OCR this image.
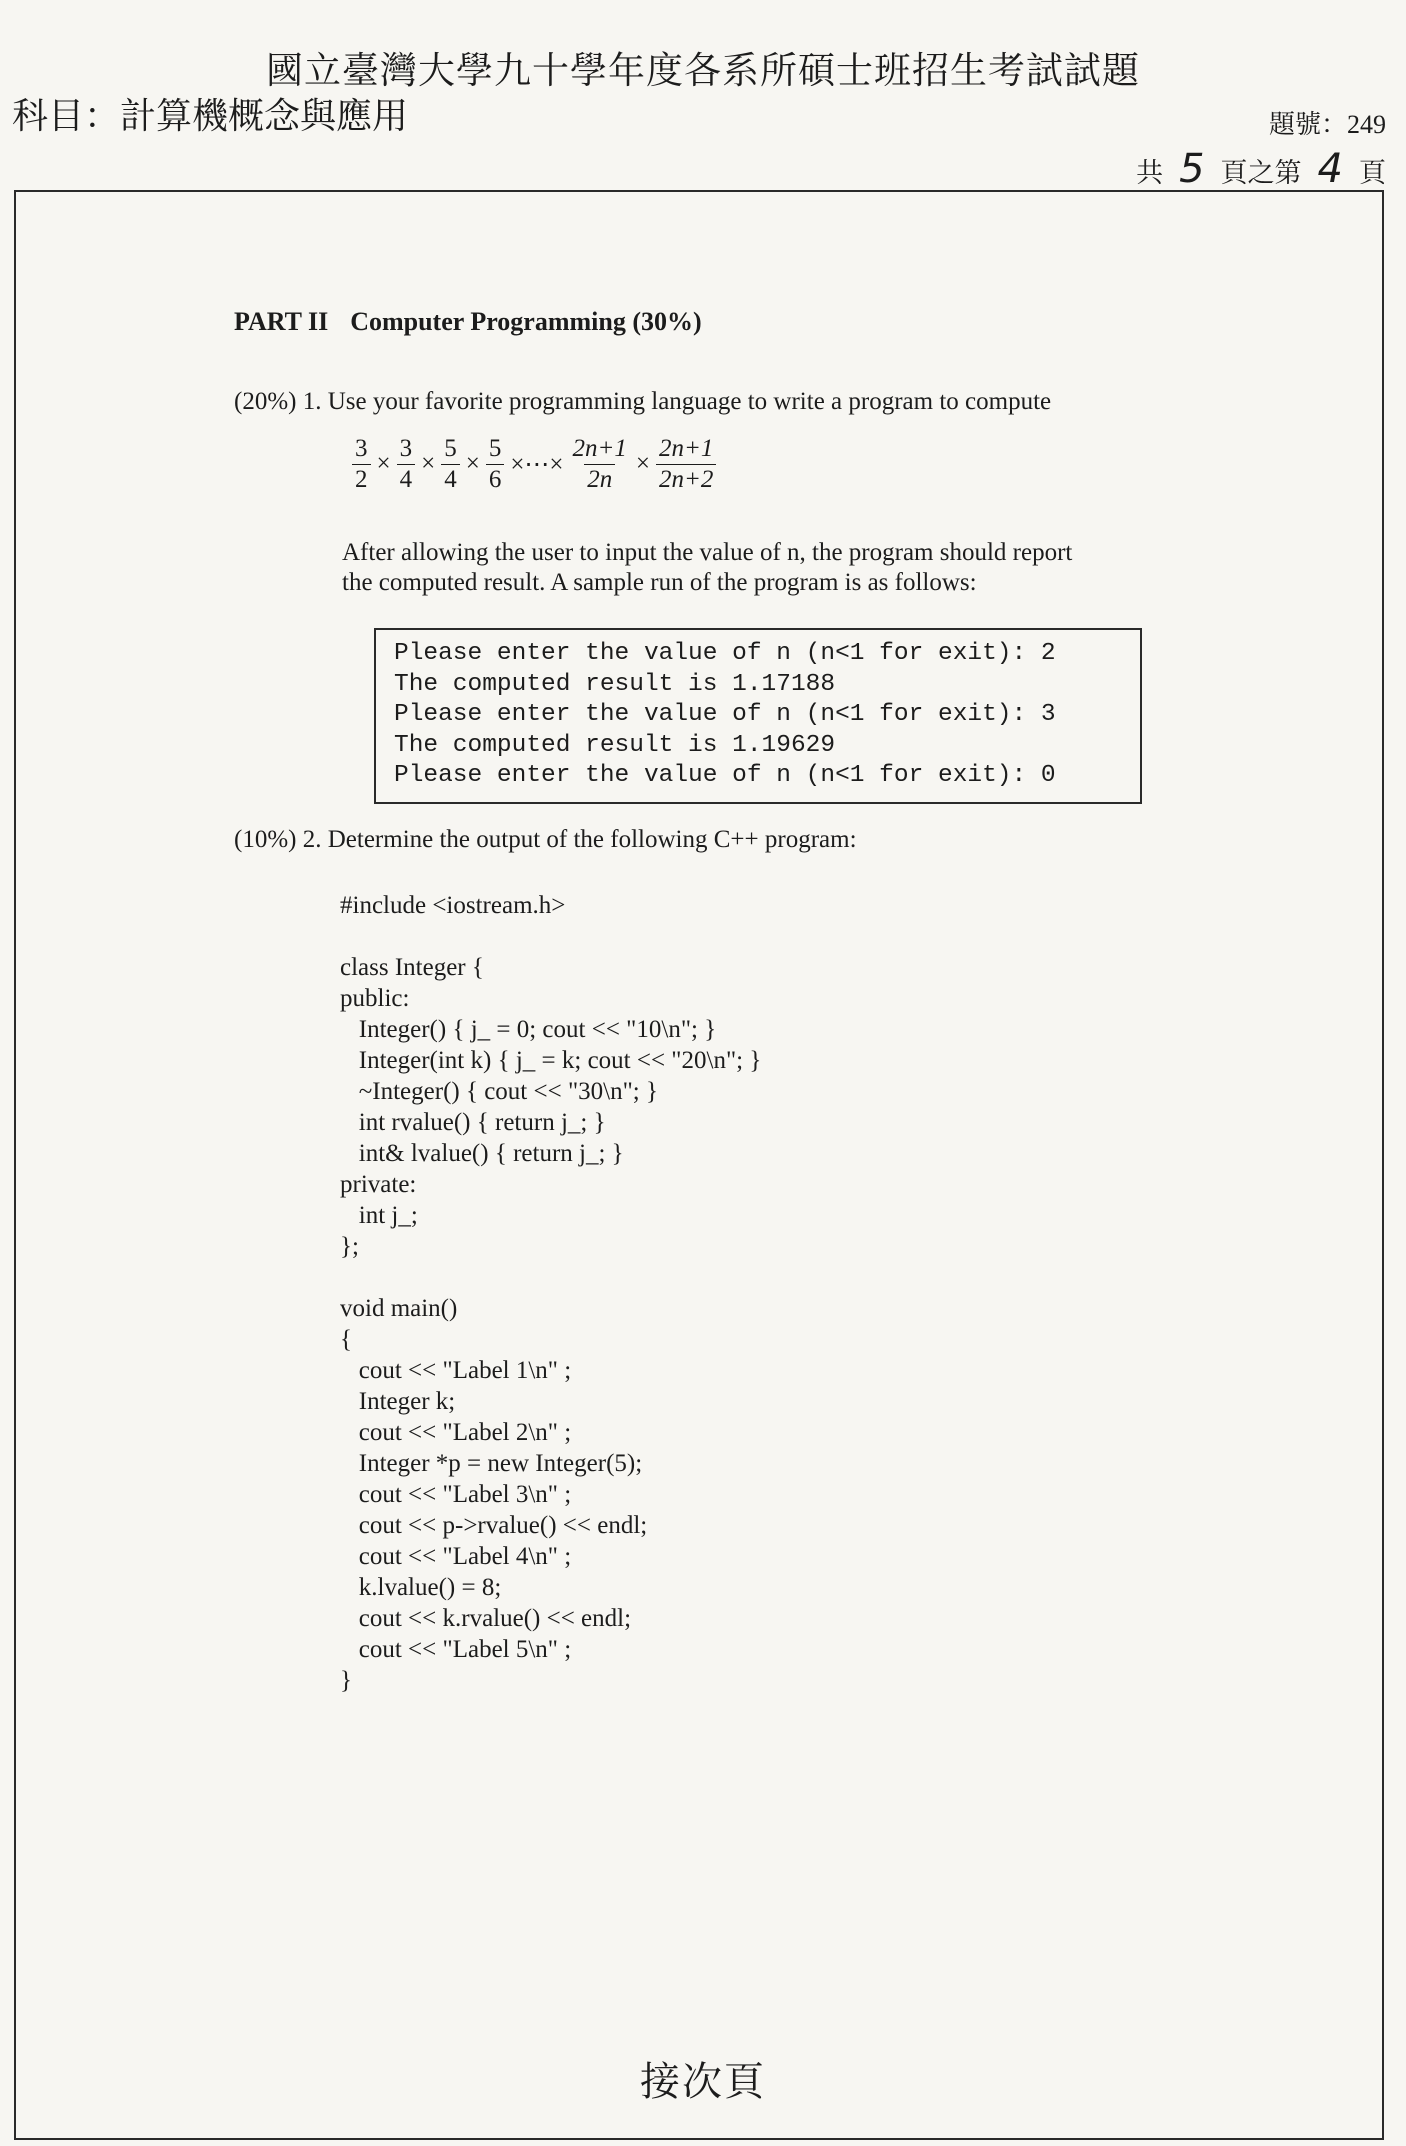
國立臺灣大學九十學年度各系所碩士班招生考試試題
科目：計算機概念與應用	題號：249
共 5 頁之第 4 頁
PART II Computer Programming (30%)
(20%) 1. Use your favorite programming language to write a program to compute
$\frac{3}{2} \times \frac{3}{4} \times \frac{5}{4} \times \frac{5}{6}$ ×⋯× $\frac{2n+1}{2n} \times \frac{2n+1}{2n+2}$
After allowing the user to input the value of n, the program should report
the computed result. A sample run of the program is as follows:
Please enter the value of n (n<1 for exit): 2
The computed result is 1.17188
Please enter the value of n (n<1 for exit): 3
The computed result is 1.19629
Please enter the value of n (n<1 for exit): 0
(10%) 2. Determine the output of the following C++ program:
#include <iostream.h>
class Integer {
public:
Integer() { j_ = 0; cout << "10\n"; }
Integer(int k) { j_ = k; cout << "20\n"; }
~Integer() { cout << "30\n"; }
int rvalue() { return j_; }
int& lvalue() { return j_; }
private:
int j_;
};
void main()
{
cout << "Label 1\n" ;
Integer k;
cout << "Label 2\n" ;
Integer *p = new Integer(5);
cout << "Label 3\n" ;
cout << p->rvalue() << endl;
cout << "Label 4\n" ;
k.lvalue() = 8;
cout << k.rvalue() << endl;
cout << "Label 5\n" ;
}
接次頁
